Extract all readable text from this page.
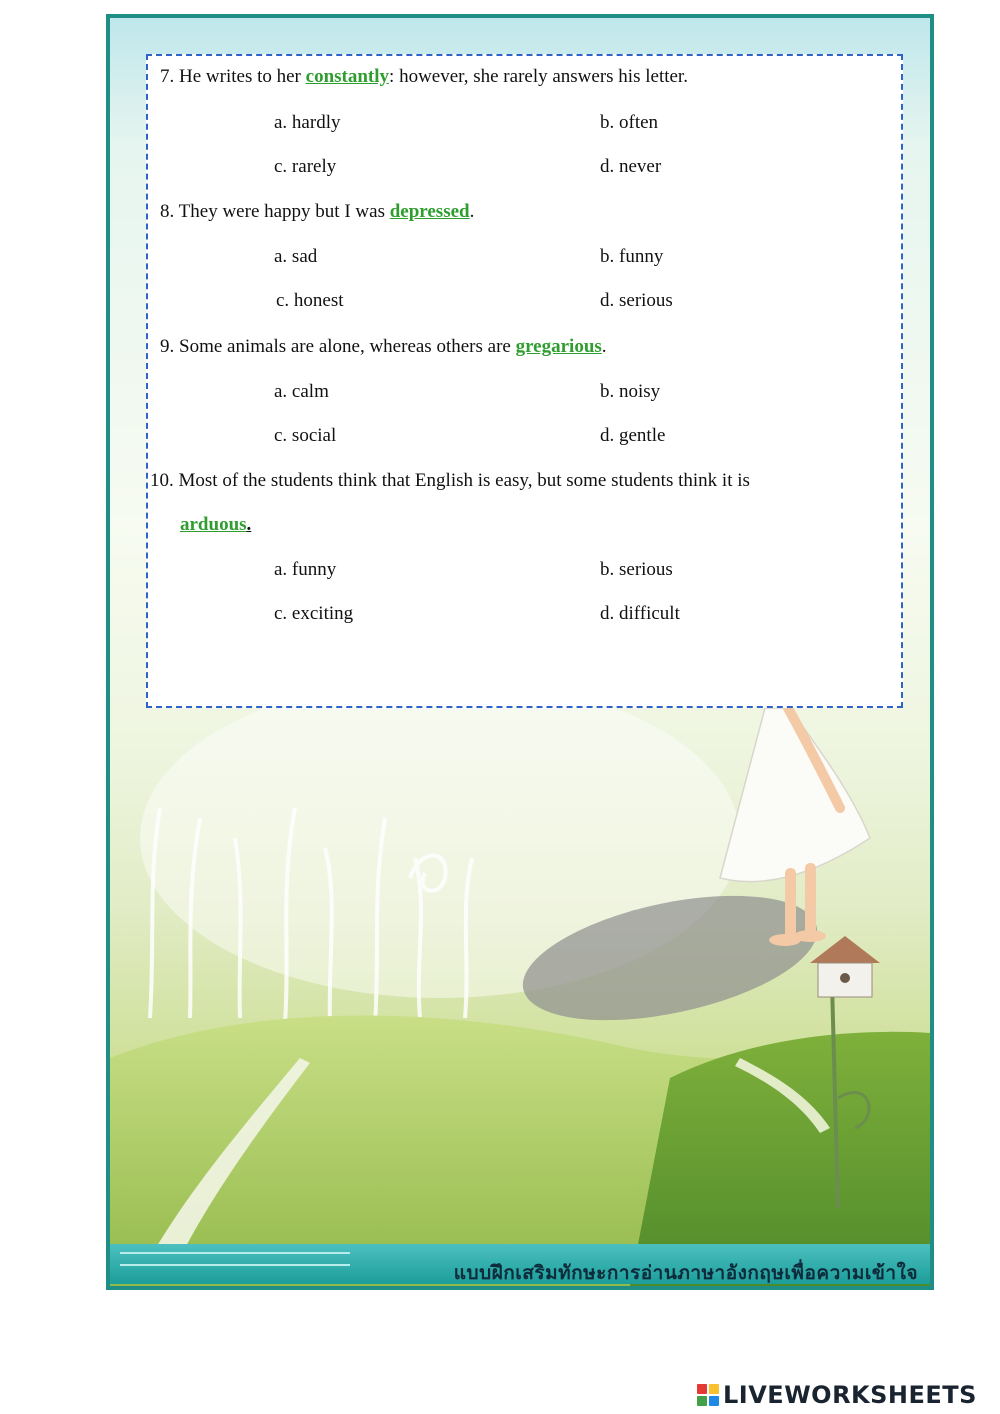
7. He writes to her constantly: however, she rarely answers his letter.
a. hardly	b. often
c. rarely	d. never
8. They were happy but I was depressed.
a. sad	b. funny
c. honest	d. serious
9. Some animals are alone, whereas others are gregarious.
a. calm	b. noisy
c. social	d. gentle
10. Most of the students think that English is easy, but some students think it is
arduous.
a. funny	b. serious
c. exciting	d. difficult
แบบฝึกเสริมทักษะการอ่านภาษาอังกฤษเพื่อความเข้าใจ
LIVEWORKSHEETS
